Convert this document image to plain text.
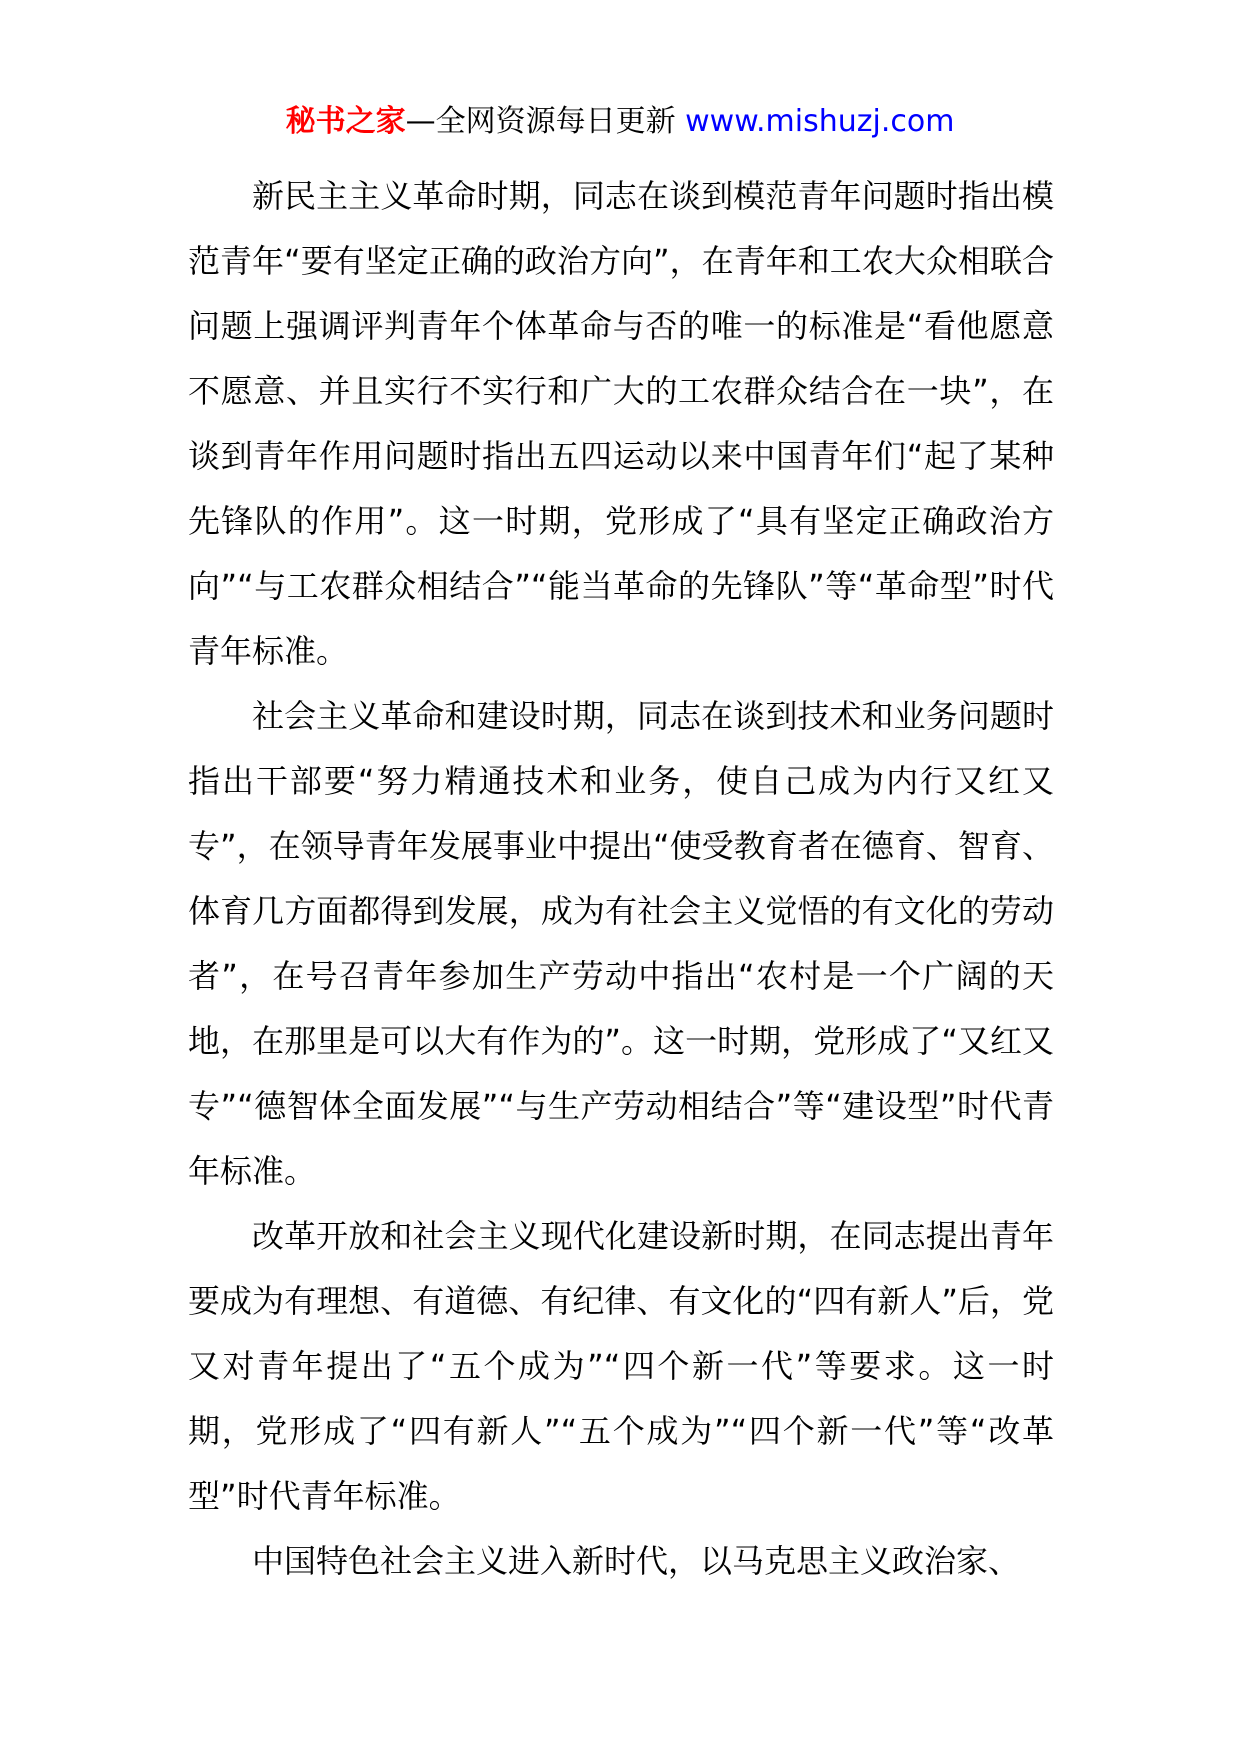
秘书之家—全网资源每日更新 www.mishuzj.com

新民主主义革命时期，同志在谈到模范青年问题时指出模范青年“要有坚定正确的政治方向”，在青年和工农大众相联合问题上强调评判青年个体革命与否的唯一的标准是“看他愿意不愿意、并且实行不实行和广大的工农群众结合在一块”，在谈到青年作用问题时指出五四运动以来中国青年们“起了某种先锋队的作用”。这一时期，党形成了“具有坚定正确政治方向”“与工农群众相结合”“能当革命的先锋队”等“革命型”时代青年标准。

社会主义革命和建设时期，同志在谈到技术和业务问题时指出干部要“努力精通技术和业务，使自己成为内行又红又专”，在领导青年发展事业中提出“使受教育者在德育、智育、体育几方面都得到发展，成为有社会主义觉悟的有文化的劳动者”，在号召青年参加生产劳动中指出“农村是一个广阔的天地，在那里是可以大有作为的”。这一时期，党形成了“又红又专”“德智体全面发展”“与生产劳动相结合”等“建设型”时代青年标准。

改革开放和社会主义现代化建设新时期，在同志提出青年要成为有理想、有道德、有纪律、有文化的“四有新人”后，党又对青年提出了“五个成为”“四个新一代”等要求。这一时期，党形成了“四有新人”“五个成为”“四个新一代”等“改革型”时代青年标准。

中国特色社会主义进入新时代，以马克思主义政治家、
